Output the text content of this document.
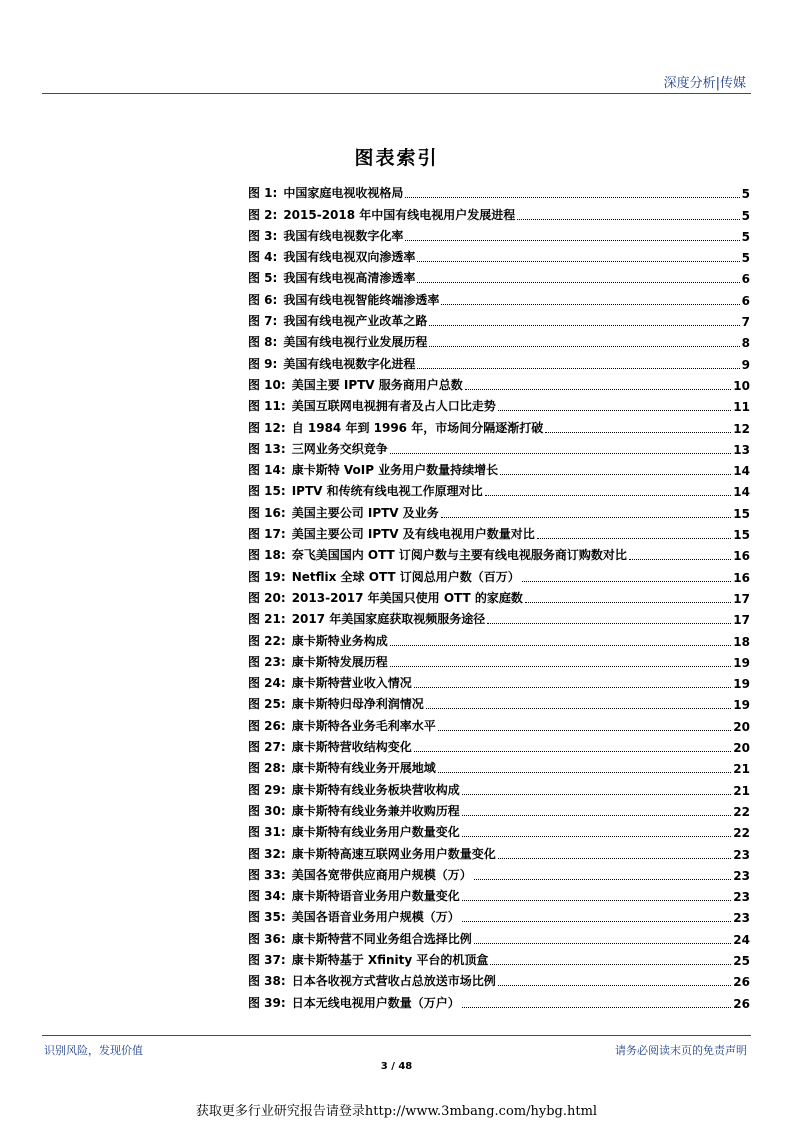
深度分析|传媒
图表索引
图 1: 中国家庭电视收视格局	5
图 2: 2015-2018 年中国有线电视用户发展进程	5
图 3: 我国有线电视数字化率	5
图 4: 我国有线电视双向渗透率	5
图 5: 我国有线电视高清渗透率	6
图 6: 我国有线电视智能终端渗透率	6
图 7: 我国有线电视产业改革之路	7
图 8: 美国有线电视行业发展历程	8
图 9: 美国有线电视数字化进程	9
图 10: 美国主要 IPTV 服务商用户总数	10
图 11: 美国互联网电视拥有者及占人口比走势	11
图 12: 自 1984 年到 1996 年，市场间分隔逐渐打破	12
图 13: 三网业务交织竞争	13
图 14: 康卡斯特 VoIP 业务用户数量持续增长	14
图 15: IPTV 和传统有线电视工作原理对比	14
图 16: 美国主要公司 IPTV 及业务	15
图 17: 美国主要公司 IPTV 及有线电视用户数量对比	15
图 18: 奈飞美国国内 OTT 订阅户数与主要有线电视服务商订购数对比	16
图 19: Netflix 全球 OTT 订阅总用户数（百万）	16
图 20: 2013-2017 年美国只使用 OTT 的家庭数	17
图 21: 2017 年美国家庭获取视频服务途径	17
图 22: 康卡斯特业务构成	18
图 23: 康卡斯特发展历程	19
图 24: 康卡斯特营业收入情况	19
图 25: 康卡斯特归母净利润情况	19
图 26: 康卡斯特各业务毛利率水平	20
图 27: 康卡斯特营收结构变化	20
图 28: 康卡斯特有线业务开展地域	21
图 29: 康卡斯特有线业务板块营收构成	21
图 30: 康卡斯特有线业务兼并收购历程	22
图 31: 康卡斯特有线业务用户数量变化	22
图 32: 康卡斯特高速互联网业务用户数量变化	23
图 33: 美国各宽带供应商用户规模（万）	23
图 34: 康卡斯特语音业务用户数量变化	23
图 35: 美国各语音业务用户规模（万）	23
图 36: 康卡斯特营不同业务组合选择比例	24
图 37: 康卡斯特基于 Xfinity 平台的机顶盒	25
图 38: 日本各收视方式营收占总放送市场比例	26
图 39: 日本无线电视用户数量（万户）	26
识别风险，发现价值	请务必阅读末页的免责声明
3 / 48
获取更多行业研究报告请登录http://www.3mbang.com/hybg.html
